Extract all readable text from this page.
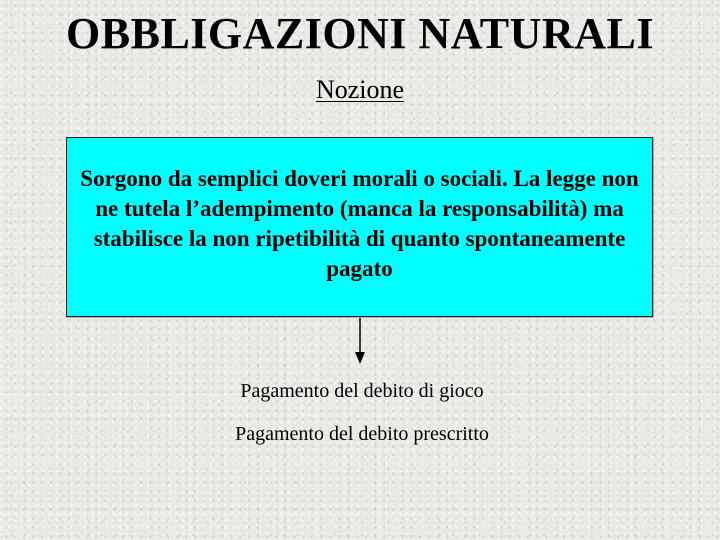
OBBLIGAZIONI NATURALI
Nozione
Sorgono da semplici doveri morali o sociali. La legge non ne tutela l’adempimento (manca la responsabilità) ma stabilisce la non ripetibilità di quanto spontaneamente pagato
Pagamento del debito di gioco
Pagamento del debito prescritto
